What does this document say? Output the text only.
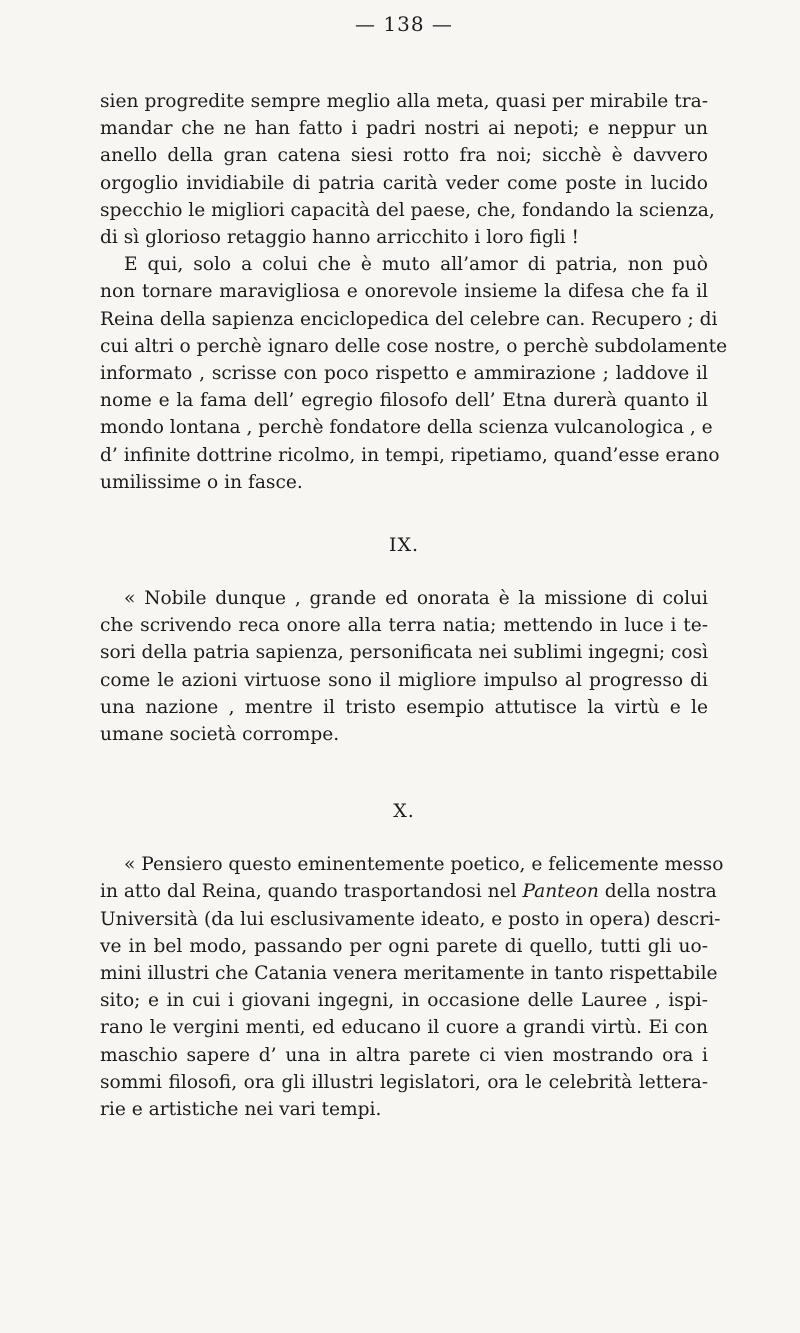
— 138 —

sien progredite sempre meglio alla meta, quasi per mirabile tra-
mandar che ne han fatto i padri nostri ai nepoti; e neppur un
anello della gran catena siesi rotto fra noi; sicchè è davvero
orgoglio invidiabile di patria carità veder come poste in lucido
specchio le migliori capacità del paese, che, fondando la scienza,
di sì glorioso retaggio hanno arricchito i loro figli !
E qui, solo a colui che è muto all’amor di patria, non può
non tornare maravigliosa e onorevole insieme la difesa che fa il
Reina della sapienza enciclopedica del celebre can. Recupero ; di
cui altri o perchè ignaro delle cose nostre, o perchè subdolamente
informato , scrisse con poco rispetto e ammirazione ; laddove il
nome e la fama dell’ egregio filosofo dell’ Etna durerà quanto il
mondo lontana , perchè fondatore della scienza vulcanologica , e
d’ infinite dottrine ricolmo, in tempi, ripetiamo, quand’esse erano
umilissime o in fasce.

IX.

« Nobile dunque , grande ed onorata è la missione di colui
che scrivendo reca onore alla terra natia; mettendo in luce i te-
sori della patria sapienza, personificata nei sublimi ingegni; così
come le azioni virtuose sono il migliore impulso al progresso di
una nazione , mentre il tristo esempio attutisce la virtù e le
umane società corrompe.

X.

« Pensiero questo eminentemente poetico, e felicemente messo
in atto dal Reina, quando trasportandosi nel Panteon della nostra
Università (da lui esclusivamente ideato, e posto in opera) descri-
ve in bel modo, passando per ogni parete di quello, tutti gli uo-
mini illustri che Catania venera meritamente in tanto rispettabile
sito; e in cui i giovani ingegni, in occasione delle Lauree , ispi-
rano le vergini menti, ed educano il cuore a grandi virtù. Ei con
maschio sapere d’ una in altra parete ci vien mostrando ora i
sommi filosofi, ora gli illustri legislatori, ora le celebrità lettera-
rie e artistiche nei vari tempi.
